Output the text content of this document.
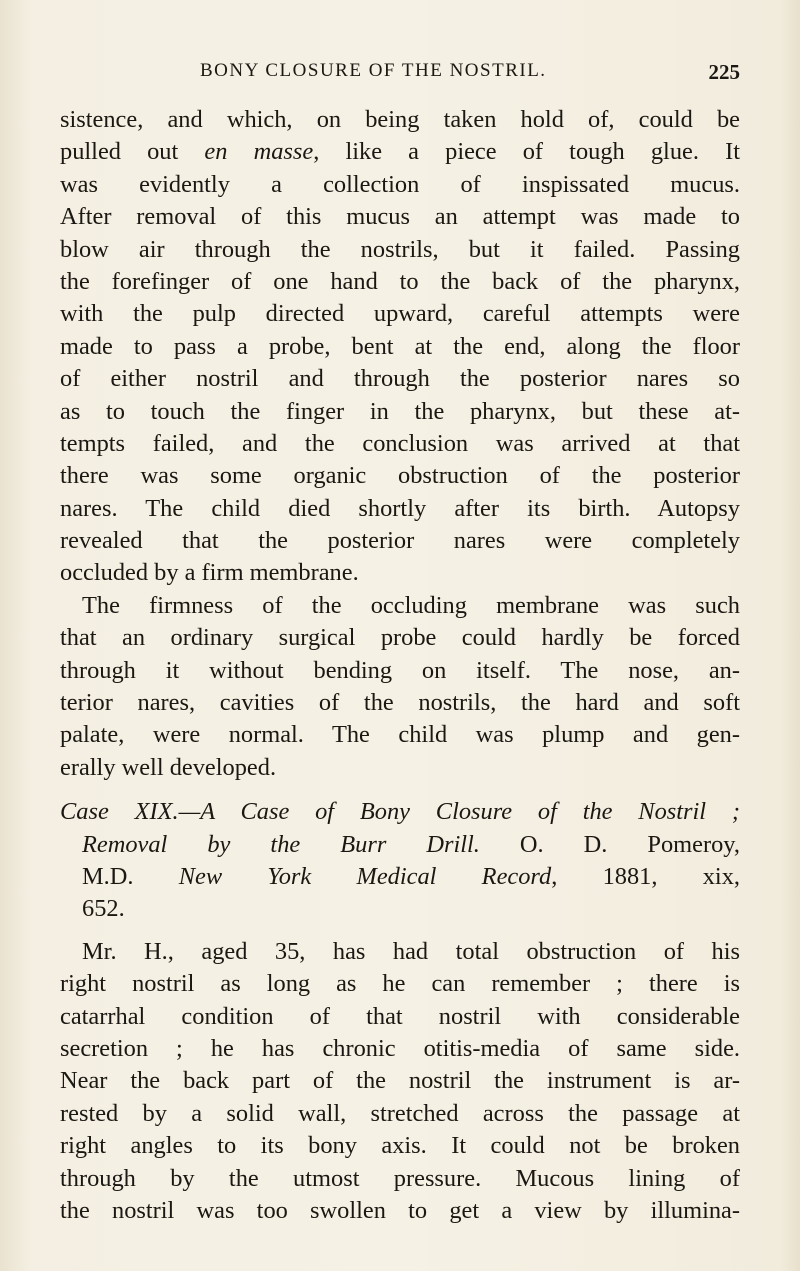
BONY CLOSURE OF THE NOSTRIL.	225
sistence, and which, on being taken hold of, could be
pulled out en masse, like a piece of tough glue. It
was evidently a collection of inspissated mucus.
After removal of this mucus an attempt was made to
blow air through the nostrils, but it failed. Passing
the forefinger of one hand to the back of the pharynx,
with the pulp directed upward, careful attempts were
made to pass a probe, bent at the end, along the floor
of either nostril and through the posterior nares so
as to touch the finger in the pharynx, but these at-
tempts failed, and the conclusion was arrived at that
there was some organic obstruction of the posterior
nares. The child died shortly after its birth. Autopsy
revealed that the posterior nares were completely
occluded by a firm membrane.
The firmness of the occluding membrane was such
that an ordinary surgical probe could hardly be forced
through it without bending on itself. The nose, an-
terior nares, cavities of the nostrils, the hard and soft
palate, were normal. The child was plump and gen-
erally well developed.
Case XIX.—A Case of Bony Closure of the Nostril ;
Removal by the Burr Drill. O. D. Pomeroy,
M.D. New York Medical Record, 1881, xix,
652.
Mr. H., aged 35, has had total obstruction of his
right nostril as long as he can remember ; there is
catarrhal condition of that nostril with considerable
secretion ; he has chronic otitis-media of same side.
Near the back part of the nostril the instrument is ar-
rested by a solid wall, stretched across the passage at
right angles to its bony axis. It could not be broken
through by the utmost pressure. Mucous lining of
the nostril was too swollen to get a view by illumina-
